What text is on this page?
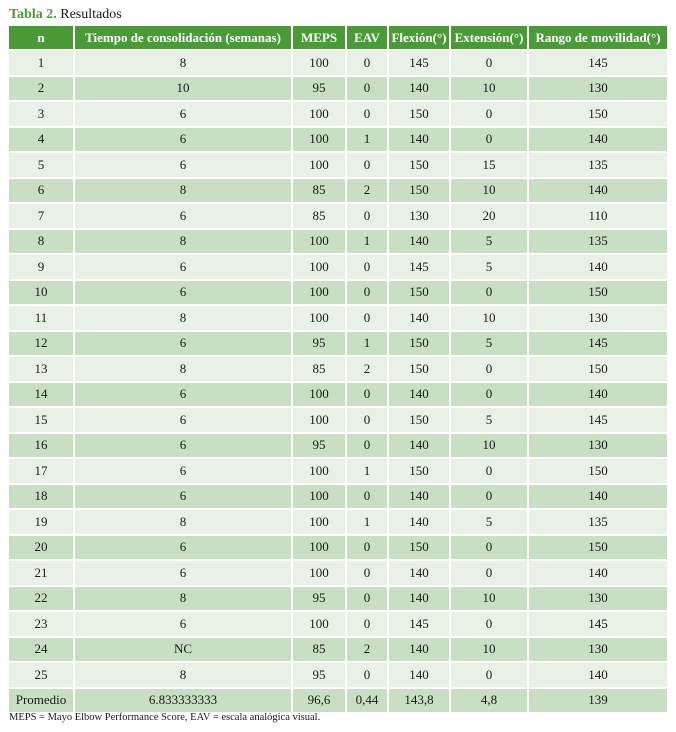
Tabla 2. Resultados
n	Tiempo de consolidación (semanas)	MEPS	EAV	Flexión(°)	Extensión(°)	Rango de movilidad(°)
1	8	100	0	145	0	145
2	10	95	0	140	10	130
3	6	100	0	150	0	150
4	6	100	1	140	0	140
5	6	100	0	150	15	135
6	8	85	2	150	10	140
7	6	85	0	130	20	110
8	8	100	1	140	5	135
9	6	100	0	145	5	140
10	6	100	0	150	0	150
11	8	100	0	140	10	130
12	6	95	1	150	5	145
13	8	85	2	150	0	150
14	6	100	0	140	0	140
15	6	100	0	150	5	145
16	6	95	0	140	10	130
17	6	100	1	150	0	150
18	6	100	0	140	0	140
19	8	100	1	140	5	135
20	6	100	0	150	0	150
21	6	100	0	140	0	140
22	8	95	0	140	10	130
23	6	100	0	145	0	145
24	NC	85	2	140	10	130
25	8	95	0	140	0	140
Promedio	6.833333333	96,6	0,44	143,8	4,8	139
MEPS = Mayo Elbow Performance Score, EAV = escala analógica visual.
